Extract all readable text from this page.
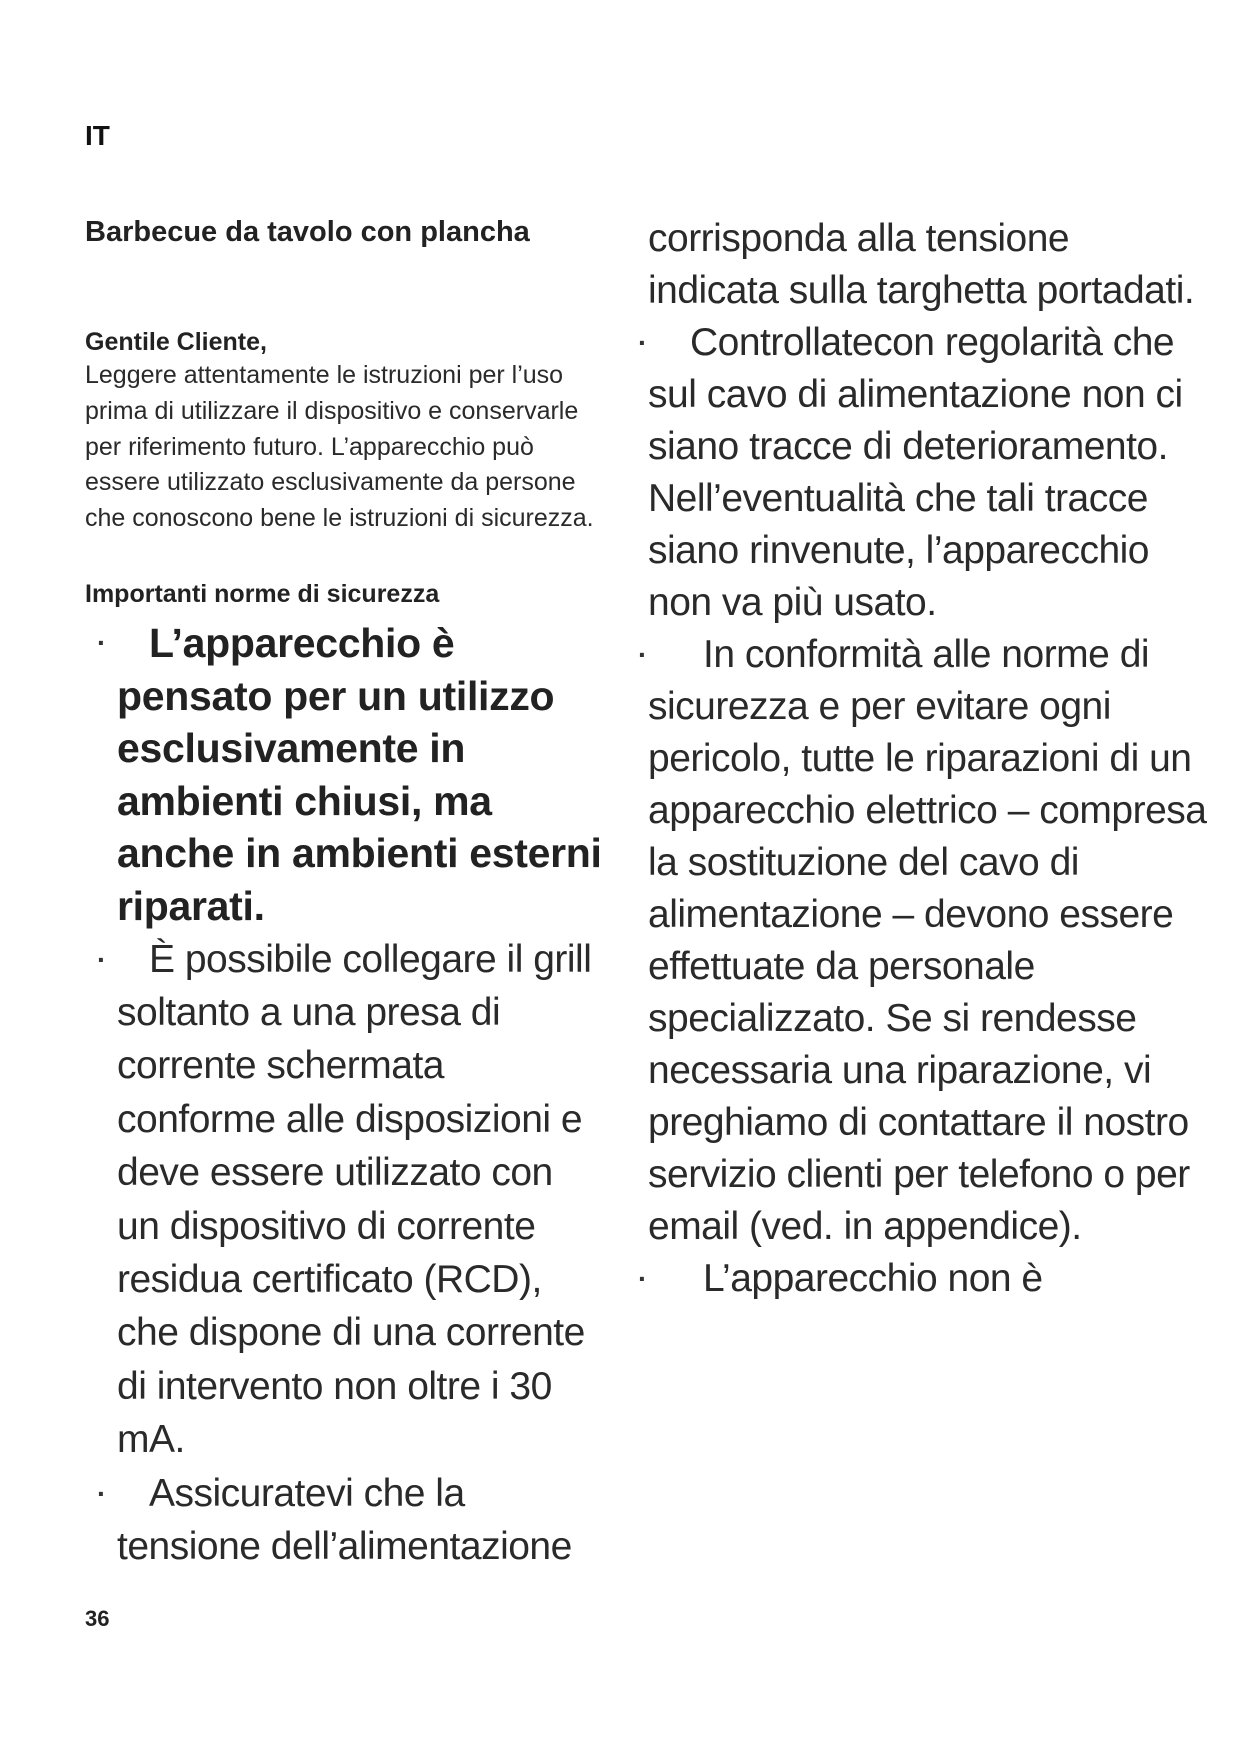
IT
Barbecue da tavolo con plancha

Gentile Cliente,

Leggere attentamente le istruzioni per l’uso prima di utilizzare il dispositivo e conservarle per riferimento futuro. L’apparecchio può essere utilizzato esclusivamente da persone che conoscono bene le istruzioni di sicurezza.

Importanti norme di sicurezza
· L’apparecchio è pensato per un utilizzo esclusivamente in ambienti chiusi, ma anche in ambienti esterni riparati.
· È possibile collegare il grill soltanto a una presa di corrente schermata conforme alle disposizioni e deve essere utilizzato con un dispositivo di corrente residua certificato (RCD), che dispone di una corrente di intervento non oltre i 30 mA.
· Assicuratevi che la tensione dell’alimentazione
corrisponda alla tensione indicata sulla targhetta portadati.
· Controllatecon regolarità che sul cavo di alimentazione non ci siano tracce di deterioramento. Nell’eventualità che tali tracce siano rinvenute, l’apparecchio non va più usato.
· In conformità alle norme di sicurezza e per evitare ogni pericolo, tutte le riparazioni di un apparecchio elettrico – compresa la sostituzione del cavo di alimentazione – devono essere effettuate da personale specializzato. Se si rendesse necessaria una riparazione, vi preghiamo di contattare il nostro servizio clienti per telefono o per email (ved. in appendice).
· L’apparecchio non è
36
